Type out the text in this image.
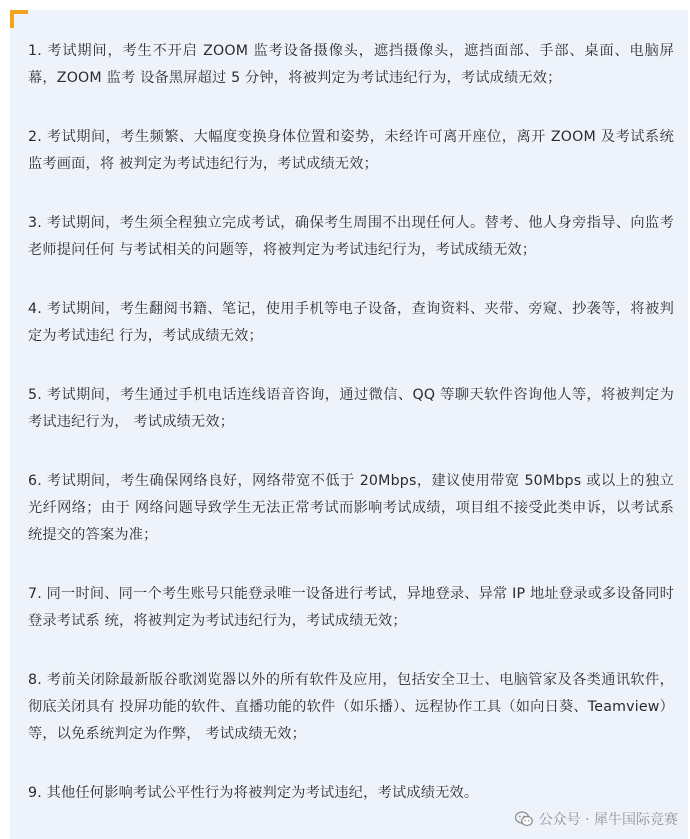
1. 考试期间，考生不开启 ZOOM 监考设备摄像头，遮挡摄像头，遮挡面部、手部、桌面、电脑屏幕，ZOOM 监考 设备黑屏超过 5 分钟，将被判定为考试违纪行为，考试成绩无效；

2. 考试期间，考生频繁、大幅度变换身体位置和姿势，未经许可离开座位，离开 ZOOM 及考试系统监考画面，将 被判定为考试违纪行为，考试成绩无效；

3. 考试期间，考生须全程独立完成考试，确保考生周围不出现任何人。替考、他人身旁指导、向监考老师提问任何 与考试相关的问题等，将被判定为考试违纪行为，考试成绩无效；

4. 考试期间，考生翻阅书籍、笔记，使用手机等电子设备，查询资料、夹带、旁窥、抄袭等，将被判定为考试违纪 行为，考试成绩无效；

5. 考试期间，考生通过手机电话连线语音咨询，通过微信、QQ 等聊天软件咨询他人等，将被判定为考试违纪行为， 考试成绩无效；

6. 考试期间，考生确保网络良好，网络带宽不低于 20Mbps，建议使用带宽 50Mbps 或以上的独立光纤网络；由于 网络问题导致学生无法正常考试而影响考试成绩，项目组不接受此类申诉，以考试系统提交的答案为准；

7. 同一时间、同一个考生账号只能登录唯一设备进行考试，异地登录、异常 IP 地址登录或多设备同时登录考试系 统，将被判定为考试违纪行为，考试成绩无效；

8. 考前关闭除最新版谷歌浏览器以外的所有软件及应用，包括安全卫士、电脑管家及各类通讯软件，彻底关闭具有 投屏功能的软件、直播功能的软件（如乐播）、远程协作工具（如向日葵、Teamview）等，以免系统判定为作弊， 考试成绩无效；

9. 其他任何影响考试公平性行为将被判定为考试违纪，考试成绩无效。

公众号 · 犀牛国际竞赛
